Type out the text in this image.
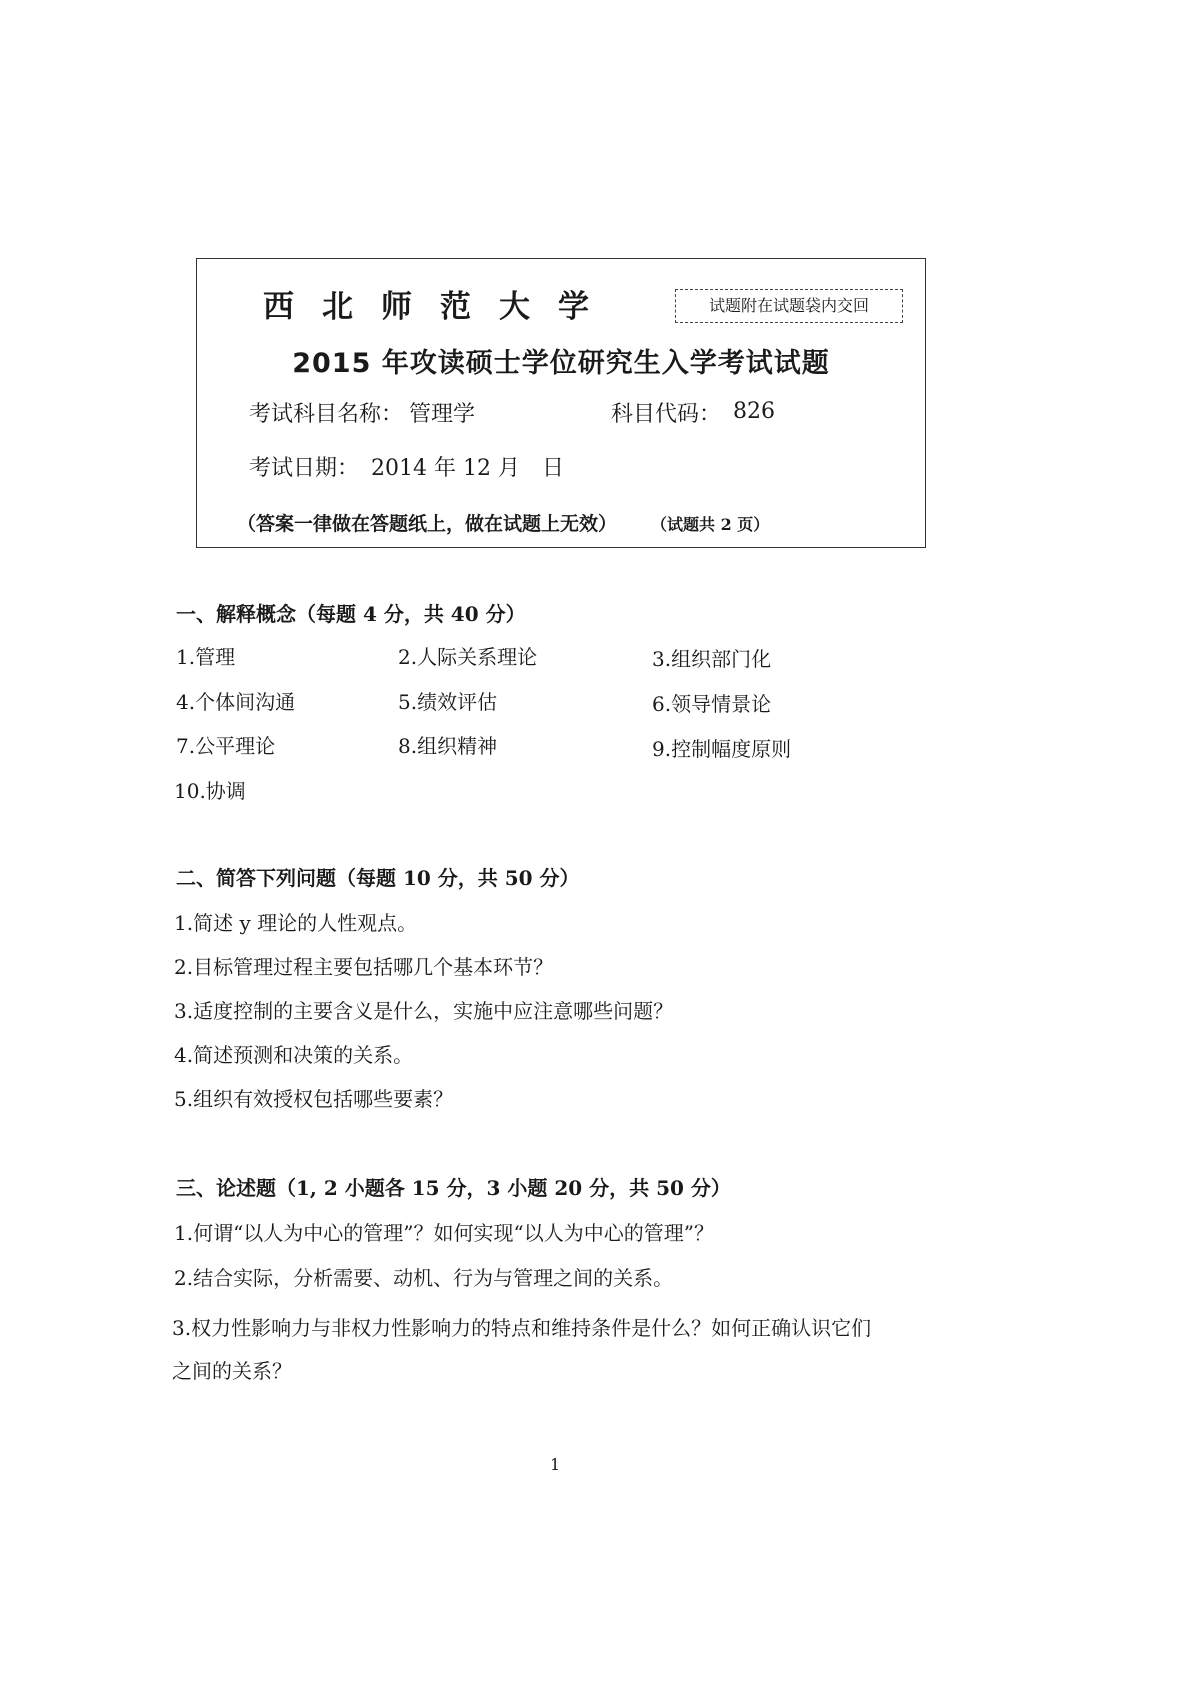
西北师范大学	试题附在试题袋内交回
2015 年攻读硕士学位研究生入学考试试题
考试科目名称： 管理学	科目代码： 826
考试日期： 2014 年 12 月　日
（答案一律做在答题纸上，做在试题上无效）	（试题共 2 页）
一、解释概念（每题 4 分，共 40 分）
1.管理	2.人际关系理论	3.组织部门化
4.个体间沟通	5.绩效评估	6.领导情景论
7.公平理论	8.组织精神	9.控制幅度原则
10.协调
二、简答下列问题（每题 10 分，共 50 分）
1.简述 y 理论的人性观点。
2.目标管理过程主要包括哪几个基本环节？
3.适度控制的主要含义是什么，实施中应注意哪些问题？
4.简述预测和决策的关系。
5.组织有效授权包括哪些要素？
三、论述题（1, 2 小题各 15 分，3 小题 20 分，共 50 分）
1.何谓“以人为中心的管理”？如何实现“以人为中心的管理”？
2.结合实际，分析需要、动机、行为与管理之间的关系。
3.权力性影响力与非权力性影响力的特点和维持条件是什么？如何正确认识它们
之间的关系？
1
